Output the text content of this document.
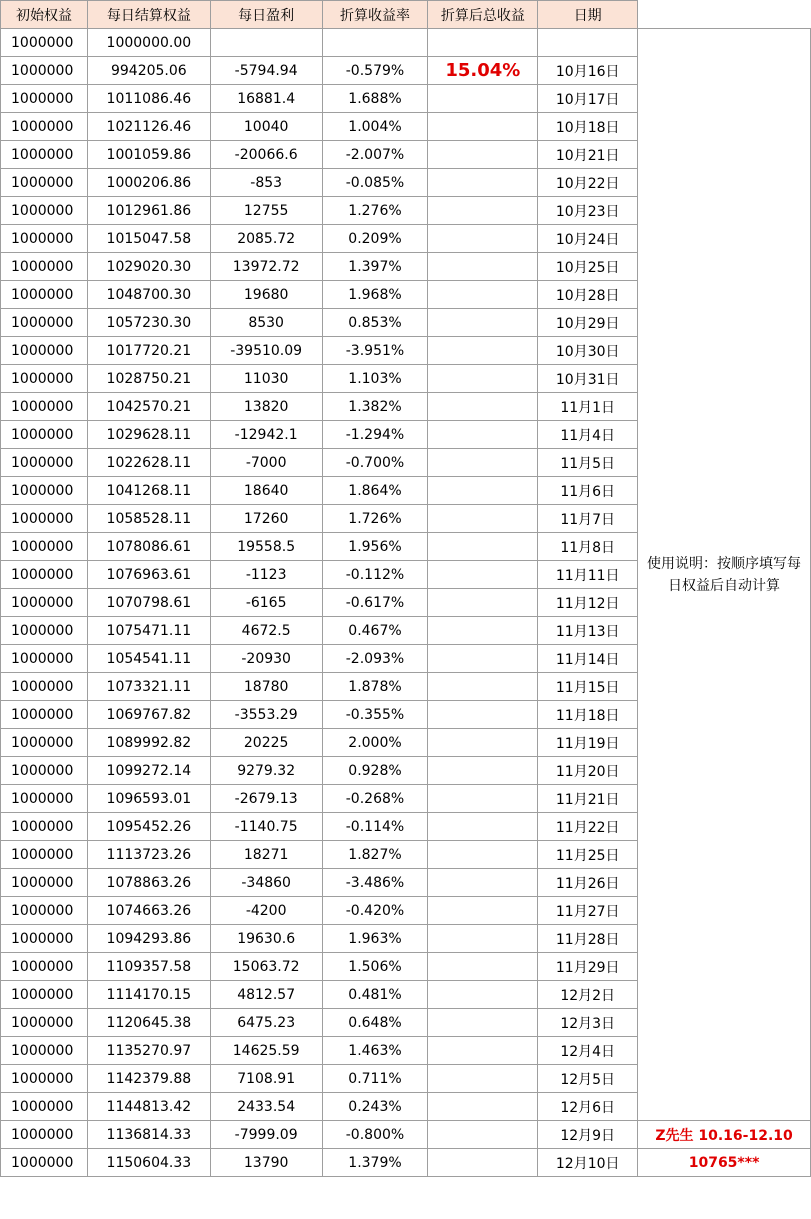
初始权益	每日结算权益	每日盈利	折算收益率	折算后总收益	日期	
1000000	1000000.00					使用说明：按顺序填写每日权益后自动计算
1000000	994205.06	-5794.94	-0.579%	15.04%	10月16日	
1000000	1011086.46	16881.4	1.688%		10月17日	
1000000	1021126.46	10040	1.004%		10月18日	
1000000	1001059.86	-20066.6	-2.007%		10月21日	
1000000	1000206.86	-853	-0.085%		10月22日	
1000000	1012961.86	12755	1.276%		10月23日	
1000000	1015047.58	2085.72	0.209%		10月24日	
1000000	1029020.30	13972.72	1.397%		10月25日	
1000000	1048700.30	19680	1.968%		10月28日	
1000000	1057230.30	8530	0.853%		10月29日	
1000000	1017720.21	-39510.09	-3.951%		10月30日	
1000000	1028750.21	11030	1.103%		10月31日	
1000000	1042570.21	13820	1.382%		11月1日	
1000000	1029628.11	-12942.1	-1.294%		11月4日	
1000000	1022628.11	-7000	-0.700%		11月5日	
1000000	1041268.11	18640	1.864%		11月6日	
1000000	1058528.11	17260	1.726%		11月7日	
1000000	1078086.61	19558.5	1.956%		11月8日	
1000000	1076963.61	-1123	-0.112%		11月11日	
1000000	1070798.61	-6165	-0.617%		11月12日	
1000000	1075471.11	4672.5	0.467%		11月13日	
1000000	1054541.11	-20930	-2.093%		11月14日	
1000000	1073321.11	18780	1.878%		11月15日	
1000000	1069767.82	-3553.29	-0.355%		11月18日	
1000000	1089992.82	20225	2.000%		11月19日	
1000000	1099272.14	9279.32	0.928%		11月20日	
1000000	1096593.01	-2679.13	-0.268%		11月21日	
1000000	1095452.26	-1140.75	-0.114%		11月22日	
1000000	1113723.26	18271	1.827%		11月25日	
1000000	1078863.26	-34860	-3.486%		11月26日	
1000000	1074663.26	-4200	-0.420%		11月27日	
1000000	1094293.86	19630.6	1.963%		11月28日	
1000000	1109357.58	15063.72	1.506%		11月29日	
1000000	1114170.15	4812.57	0.481%		12月2日	
1000000	1120645.38	6475.23	0.648%		12月3日	
1000000	1135270.97	14625.59	1.463%		12月4日	
1000000	1142379.88	7108.91	0.711%		12月5日	
1000000	1144813.42	2433.54	0.243%		12月6日	
1000000	1136814.33	-7999.09	-0.800%		12月9日	Z先生 10.16-12.10
1000000	1150604.33	13790	1.379%		12月10日	10765***
